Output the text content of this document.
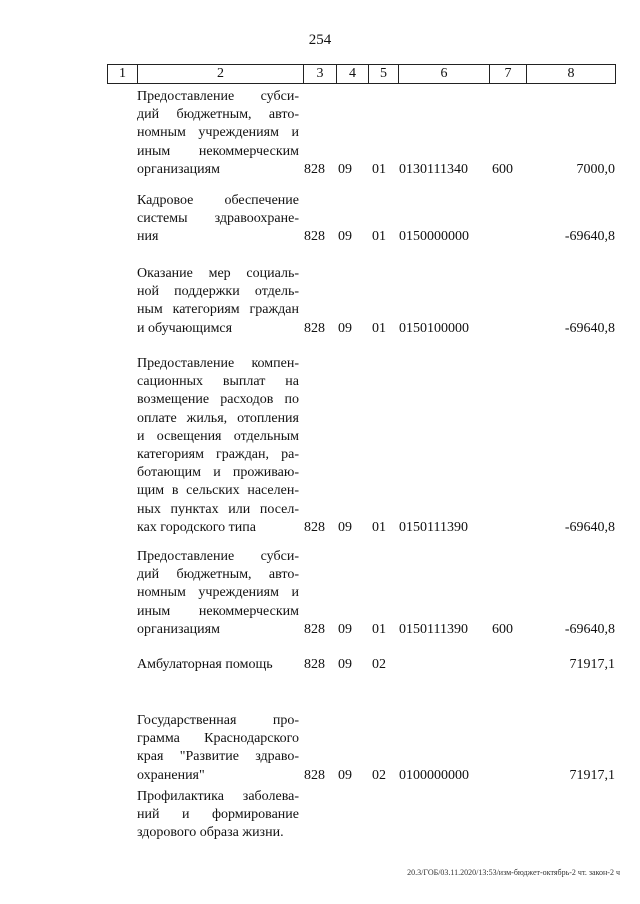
254
1	2	3	4	5	6	7	8
Предоставление субси-
дий бюджетным, авто-
номным учреждениям и
иным некоммерческим
организациям	828 09 01 0130111340 600	7000,0
Кадровое обеспечение
системы здравоохране-
ния	828 09 01 0150000000	-69640,8
Оказание мер социаль-
ной поддержки отдель-
ным категориям граждан
и обучающимся	828 09 01 0150100000	-69640,8
Предоставление компен-
сационных выплат на
возмещение расходов по
оплате жилья, отопления
и освещения отдельным
категориям граждан, ра-
ботающим и проживаю-
щим в сельских населен-
ных пунктах или посел-
ках городского типа	828 09 01 0150111390	-69640,8
Предоставление субси-
дий бюджетным, авто-
номным учреждениям и
иным некоммерческим
организациям	828 09 01 0150111390 600	-69640,8
Амбулаторная помощь	828 09 02	71917,1
Государственная про-
грамма Краснодарского
края "Развитие здраво-
охранения"	828 09 02 0100000000	71917,1
Профилактика заболева-
ний и формирование
здорового образа жизни.
20.3/ГОБ/03.11.2020/13:53/изм-бюджет-октябрь-2 чт. закон-2 ч
